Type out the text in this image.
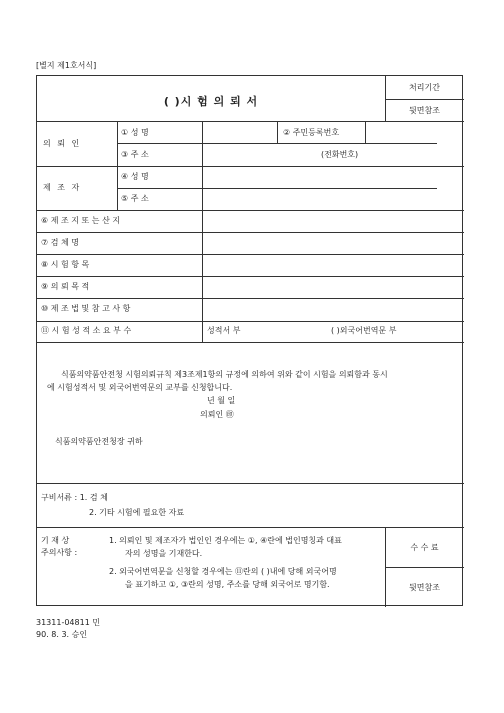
[별지 제1호서식]
( )시 험 의 뢰 서
처리기간
뒷면참조
의 뢰 인
① 성 명	② 주민등록번호
③ 주 소	(전화번호)
제 조 자
④ 성 명
⑤ 주 소
⑥ 제 조 지 또 는 산 지
⑦ 검 체 명
⑧ 시 험 항 목
⑨ 의 뢰 목 적
⑩ 제 조 법 및 참 고 사 항
⑪ 시 험 성 적 소 요 부 수	성적서 부	( )외국어번역문 부
식품의약품안전청 시험의뢰규칙 제3조제1항의 규정에 의하여 위와 같이 시험을 의뢰함과 동시
에 시험성적서 및 외국어번역문의 교부를 신청합니다.
년 월 일
의뢰인 ㊞
식품의약품안전청장 귀하
구비서류 : 1. 검 체
2. 기타 시험에 필요한 자료
기 재 상
주의사항 :
1. 의뢰인 및 제조자가 법인인 경우에는 ①, ④란에 법인명칭과 대표
자의 성명을 기재한다.
2. 외국어번역문을 신청할 경우에는 ⑪란의 ( )내에 당해 외국어명
을 표기하고 ①, ③란의 성명, 주소를 당해 외국어로 명기함.
수 수 료
뒷면참조
31311-04811 민
90. 8. 3. 승인
